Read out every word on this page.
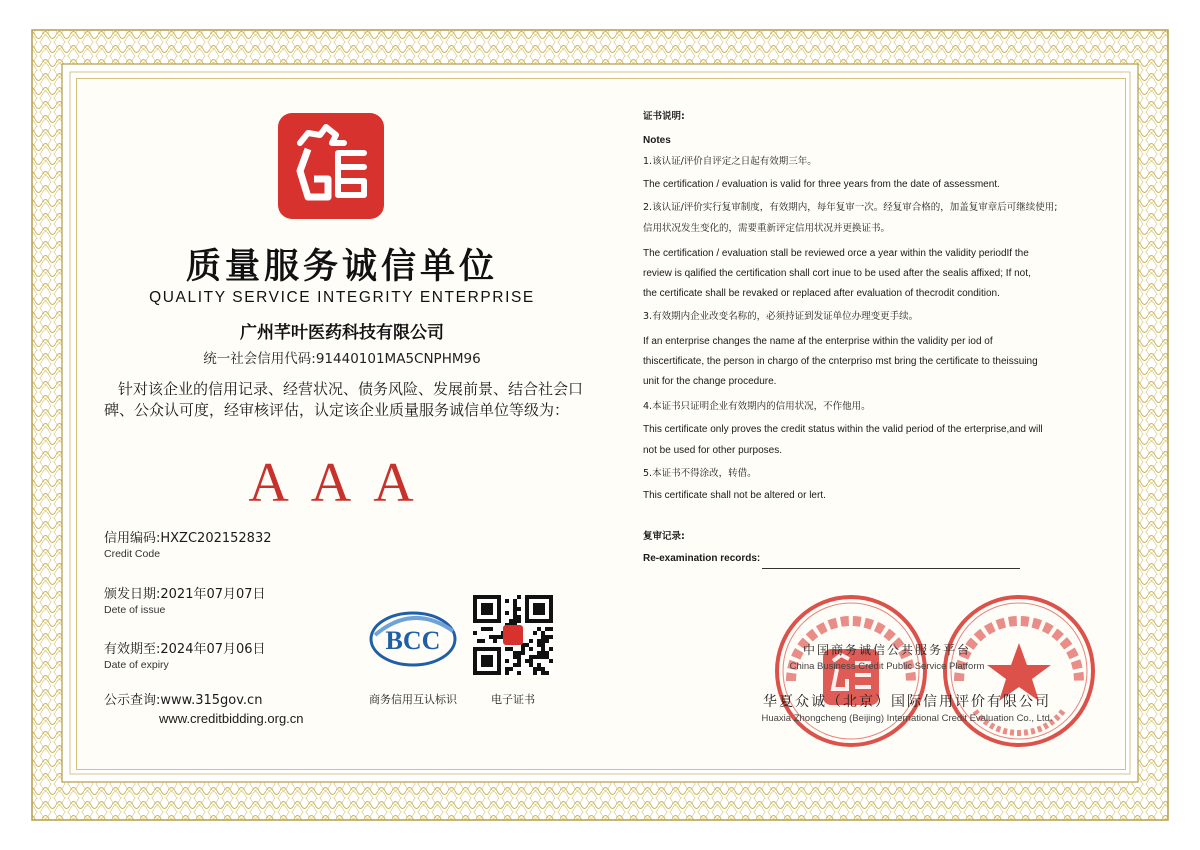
质量服务诚信单位
QUALITY SERVICE INTEGRITY ENTERPRISE
广州芊叶医药科技有限公司
统一社会信用代码:91440101MA5CNPHM96
针对该企业的信用记录、经营状况、债务风险、发展前景、结合社会口碑、公众认可度，经审核评估，认定该企业质量服务诚信单位等级为：
AAA
信用编码:HXZC202152832
Credit Code
颁发日期:2021年07月07日
Dete of issue
有效期至:2024年07月06日
Date of expiry
公示查询:www.315gov.cn
www.creditbidding.org.cn
BCC
商务信用互认标识	电子证书
证书说明:
Notes
1.该认证/评价自评定之日起有效期三年。
The certification / evaluation is valid for three years from the date of assessment.
2.该认证/评价实行复审制度，有效期内，每年复审一次。经复审合格的，加盖复审章后可继续使用;
信用状况发生变化的，需要重新评定信用状况并更换证书。
The certification / evaluation stall be reviewed orce a year within the validity periodIf the
review is qalified the certification shall cort inue to be used after the sealis affixed; If not,
the certificate shall be revaked or replaced after evaluation of thecrodit condition.
3.有效期内企业改变名称的，必须持证到发证单位办理变更手续。
If an enterprise changes the name af the enterprise within the validity per iod of
thiscertificate, the person in chargo of the cnterpriso mst bring the certificate to theissuing
unit for the change procedure.
4.本证书只证明企业有效期内的信用状况，不作他用。
This certificate only proves the credit status within the valid period of the erterprise,and will
not be used for other purposes.
5.本证书不得涂改，转借。
This certificate shall not be altered or lert.
复审记录:
Re-examination records:
中国商务诚信公共服务平台
China Business Credit Public Service Platform
华夏众诚（北京）国际信用评价有限公司
Huaxia Zhongcheng (Beijing) International Credit Evaluation Co., Ltd.
